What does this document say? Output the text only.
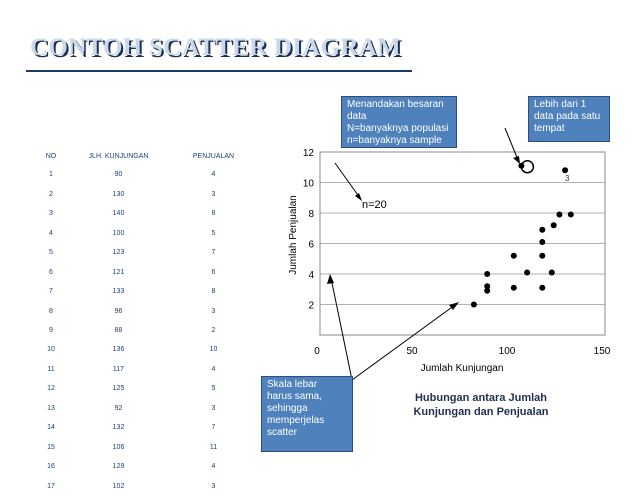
CONTOH SCATTER DIAGRAM
NO	JLH. KUNJUNGAN	PENJUALAN
1	90	4
2	130	3
3	140	8
4	100	5
5	123	7
6	121	6
7	133	8
8	96	3
9	88	2
10	136	10
11	117	4
12	125	5
13	92	3
14	132	7
15	106	11
16	129	4
17	102	3
2
4
6
8
10
12
0	50	100	150
n=20
3
Jumlah Kunjungan
Jumlah Penjualan
Menandakan besaran
data
N=banyaknya populasi
n=banyaknya sample
Lebih dari 1
data pada satu
tempat
Skala lebar
harus sama,
sehingga
memperjelas
scatter
Hubungan antara Jumlah
Kunjungan dan Penjualan
